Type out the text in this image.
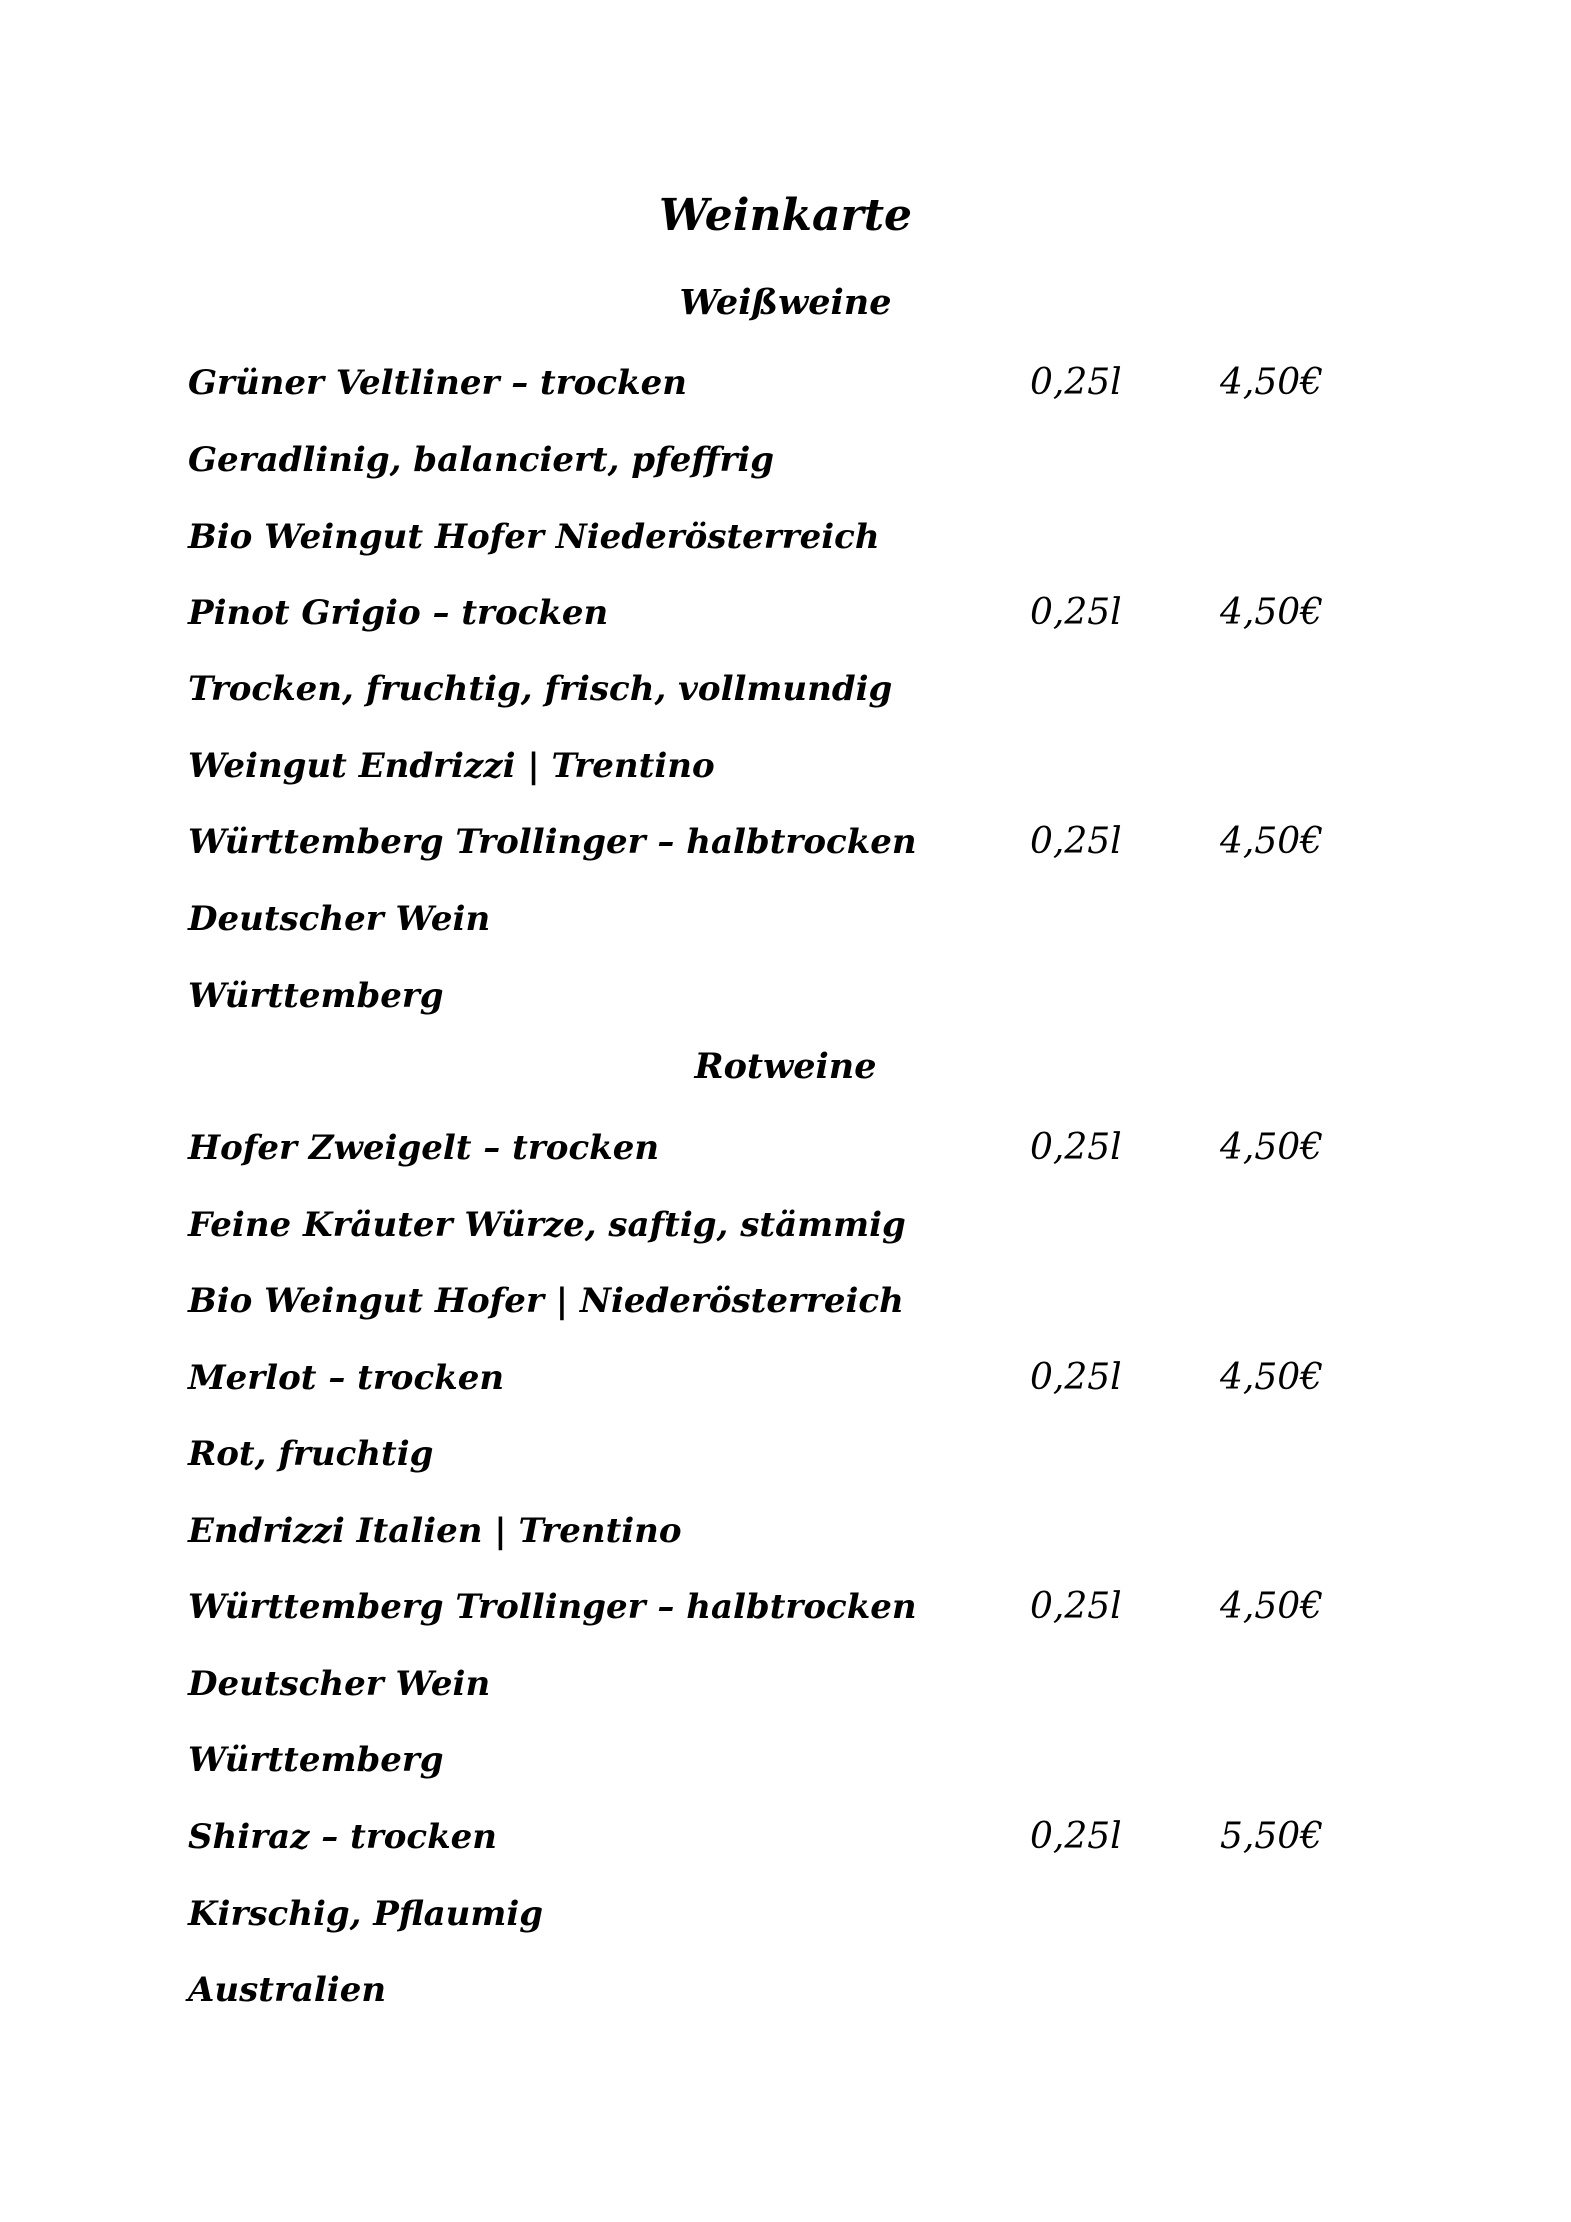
Weinkarte
Weißweine
Grüner Veltliner – trocken	0,25l	4,50€
Geradlinig, balanciert, pfeffrig
Bio Weingut Hofer Niederösterreich
Pinot Grigio – trocken	0,25l	4,50€
Trocken, fruchtig, frisch, vollmundig
Weingut Endrizzi | Trentino
Württemberg Trollinger – halbtrocken	0,25l	4,50€
Deutscher Wein
Württemberg
Rotweine
Hofer Zweigelt – trocken	0,25l	4,50€
Feine Kräuter Würze, saftig, stämmig
Bio Weingut Hofer | Niederösterreich
Merlot – trocken	0,25l	4,50€
Rot, fruchtig
Endrizzi Italien | Trentino
Württemberg Trollinger – halbtrocken	0,25l	4,50€
Deutscher Wein
Württemberg
Shiraz – trocken	0,25l	5,50€
Kirschig, Pflaumig
Australien
